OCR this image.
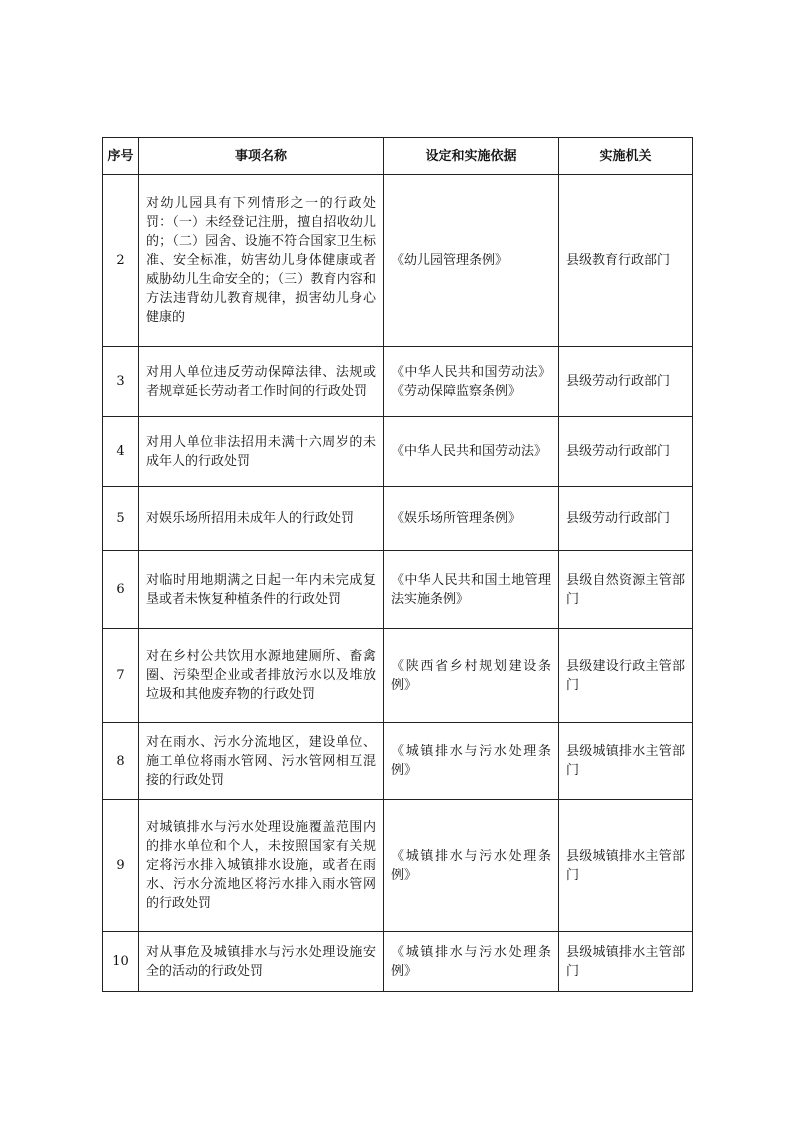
序号	事项名称	设定和实施依据	实施机关
2	对幼儿园具有下列情形之一的行政处罚：（一）未经登记注册，擅自招收幼儿的；（二）园舍、设施不符合国家卫生标准、安全标准，妨害幼儿身体健康或者威胁幼儿生命安全的；（三）教育内容和方法违背幼儿教育规律，损害幼儿身心健康的	《幼儿园管理条例》	县级教育行政部门
3	对用人单位违反劳动保障法律、法规或者规章延长劳动者工作时间的行政处罚	《中华人民共和国劳动法》《劳动保障监察条例》	县级劳动行政部门
4	对用人单位非法招用未满十六周岁的未成年人的行政处罚	《中华人民共和国劳动法》	县级劳动行政部门
5	对娱乐场所招用未成年人的行政处罚	《娱乐场所管理条例》	县级劳动行政部门
6	对临时用地期满之日起一年内未完成复垦或者未恢复种植条件的行政处罚	《中华人民共和国土地管理法实施条例》	县级自然资源主管部门
7	对在乡村公共饮用水源地建厕所、畜禽圈、污染型企业或者排放污水以及堆放垃圾和其他废弃物的行政处罚	《陕西省乡村规划建设条例》	县级建设行政主管部门
8	对在雨水、污水分流地区，建设单位、施工单位将雨水管网、污水管网相互混接的行政处罚	《城镇排水与污水处理条例》	县级城镇排水主管部门
9	对城镇排水与污水处理设施覆盖范围内的排水单位和个人，未按照国家有关规定将污水排入城镇排水设施，或者在雨水、污水分流地区将污水排入雨水管网的行政处罚	《城镇排水与污水处理条例》	县级城镇排水主管部门
10	对从事危及城镇排水与污水处理设施安全的活动的行政处罚	《城镇排水与污水处理条例》	县级城镇排水主管部门
